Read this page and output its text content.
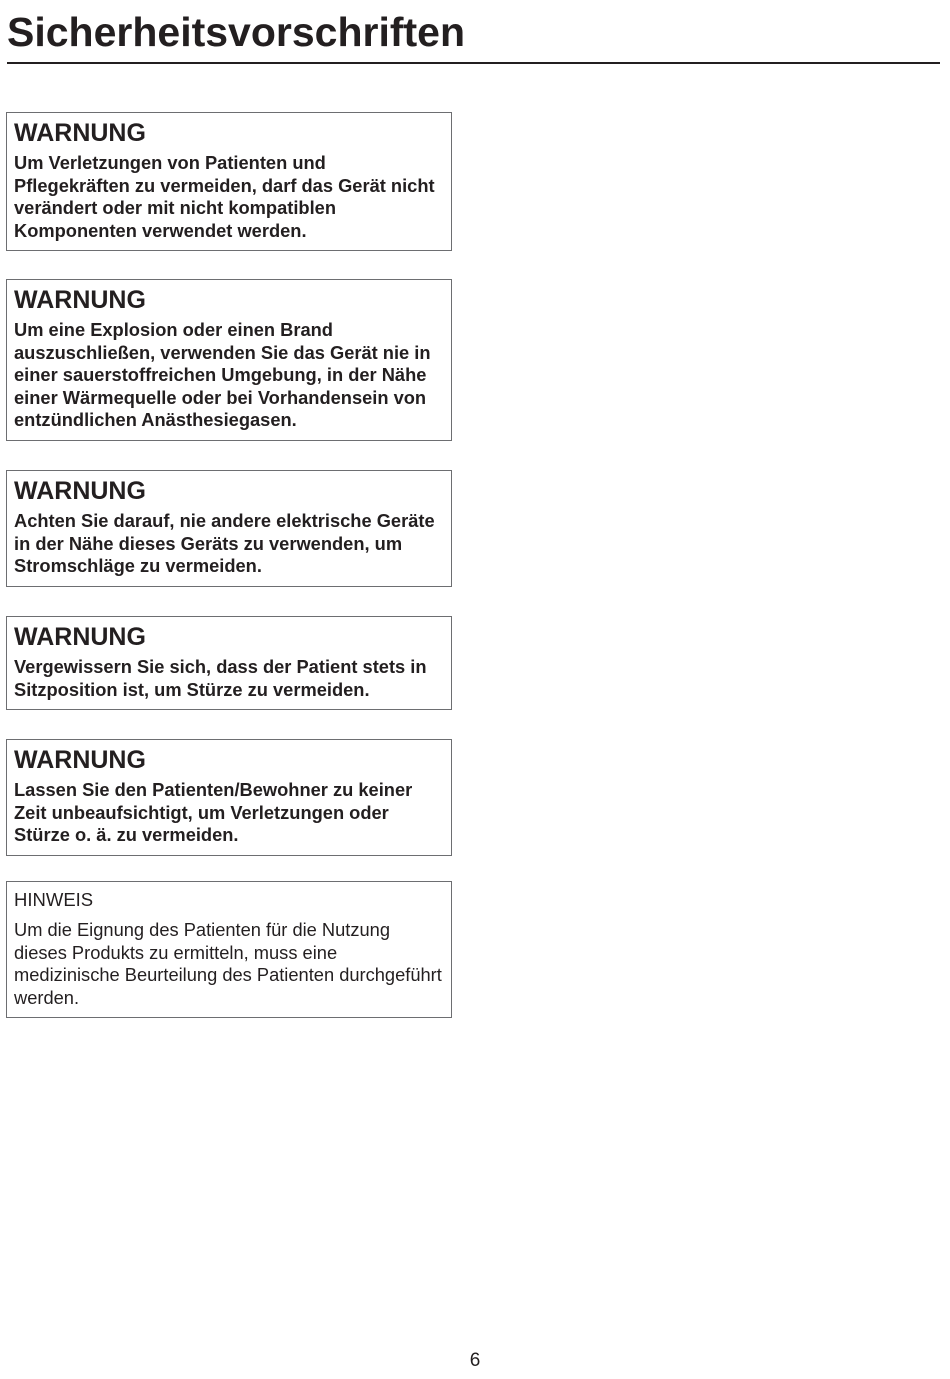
Sicherheitsvorschriften
WARNUNG
Um Verletzungen von Patienten und Pflegekräften zu vermeiden, darf das Gerät nicht verändert oder mit nicht kompatiblen Komponenten verwendet werden.
WARNUNG
Um eine Explosion oder einen Brand auszuschließen, verwenden Sie das Gerät nie in einer sauerstoffreichen Umgebung, in der Nähe einer Wärmequelle oder bei Vorhandensein von entzündlichen Anästhesiegasen.
WARNUNG
Achten Sie darauf, nie andere elektrische Geräte in der Nähe dieses Geräts zu verwenden, um Stromschläge zu vermeiden.
WARNUNG
Vergewissern Sie sich, dass der Patient stets in Sitzposition ist, um Stürze zu vermeiden.
WARNUNG
Lassen Sie den Patienten/Bewohner zu keiner Zeit unbeaufsichtigt, um Verletzungen oder Stürze o. ä. zu vermeiden.
HINWEIS
Um die Eignung des Patienten für die Nutzung dieses Produkts zu ermitteln, muss eine medizinische Beurteilung des Patienten durchgeführt werden.
6
